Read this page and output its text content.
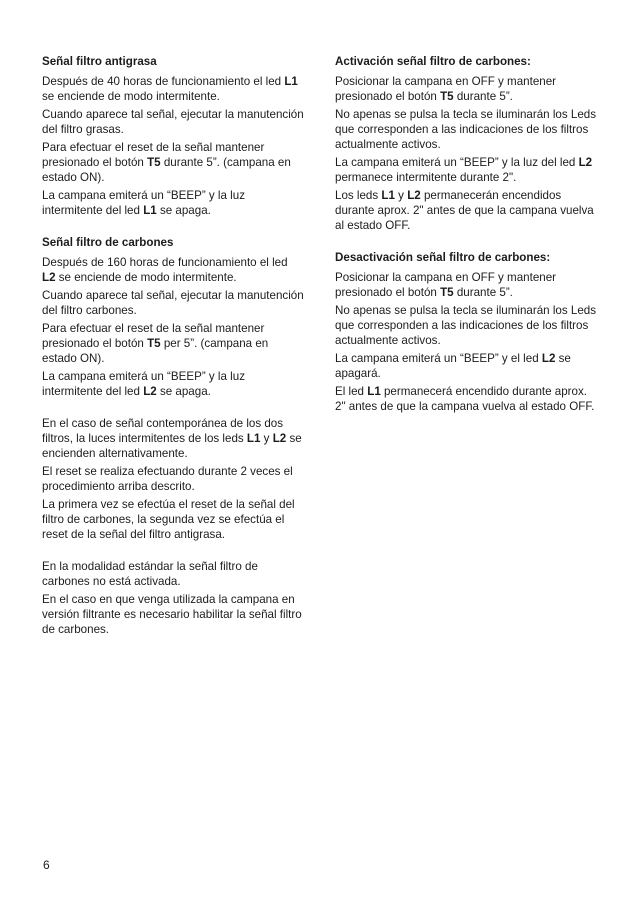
Señal filtro antigrasa

Después de 40 horas de funcionamiento el led L1 se enciende de modo intermitente.

Cuando aparece tal señal, ejecutar la manutención del filtro grasas.

Para efectuar el reset de la señal mantener presionado el botón T5 durante 5”. (campana en estado ON).

La campana emiterá un “BEEP” y la luz intermitente del led L1 se apaga.

Señal filtro de carbones

Después de 160 horas de funcionamiento el led L2 se enciende de modo intermitente.

Cuando aparece tal señal, ejecutar la manutención del filtro carbones.

Para efectuar el reset de la señal mantener presionado el botón T5 per 5”. (campana en estado ON).

La campana emiterá un “BEEP” y la luz intermitente del led L2 se apaga.

En el caso de señal contemporánea de los dos filtros, la luces intermitentes de los leds L1 y L2 se encienden alternativamente.

El reset se realiza efectuando durante 2 veces el procedimiento arriba descrito.

La primera vez se efectúa el reset de la señal del filtro de carbones, la segunda vez se efectúa el reset de la señal del filtro antigrasa.

En la modalidad estándar la señal filtro de carbones no está activada.

En el caso en que venga utilizada la campana en versión filtrante es necesario habilitar la señal filtro de carbones.

Activación señal filtro de carbones:

Posicionar la campana en OFF y mantener presionado el botón T5 durante 5”.

No apenas se pulsa la tecla se iluminarán los Leds que corresponden a las indicaciones de los filtros actualmente activos.

La campana emiterá un “BEEP” y la luz del led L2 permanece intermitente durante 2".

Los leds L1 y L2 permanecerán encendidos durante aprox. 2" antes de que la campana vuelva al estado OFF.

Desactivación señal filtro de carbones:

Posicionar la campana en OFF y mantener presionado el botón T5 durante 5”.

No apenas se pulsa la tecla se iluminarán los Leds que corresponden a las indicaciones de los filtros actualmente activos.

La campana emiterá un “BEEP” y el led L2 se apagará.

El led L1 permanecerá encendido durante aprox. 2" antes de que la campana vuelva al estado OFF.

6
